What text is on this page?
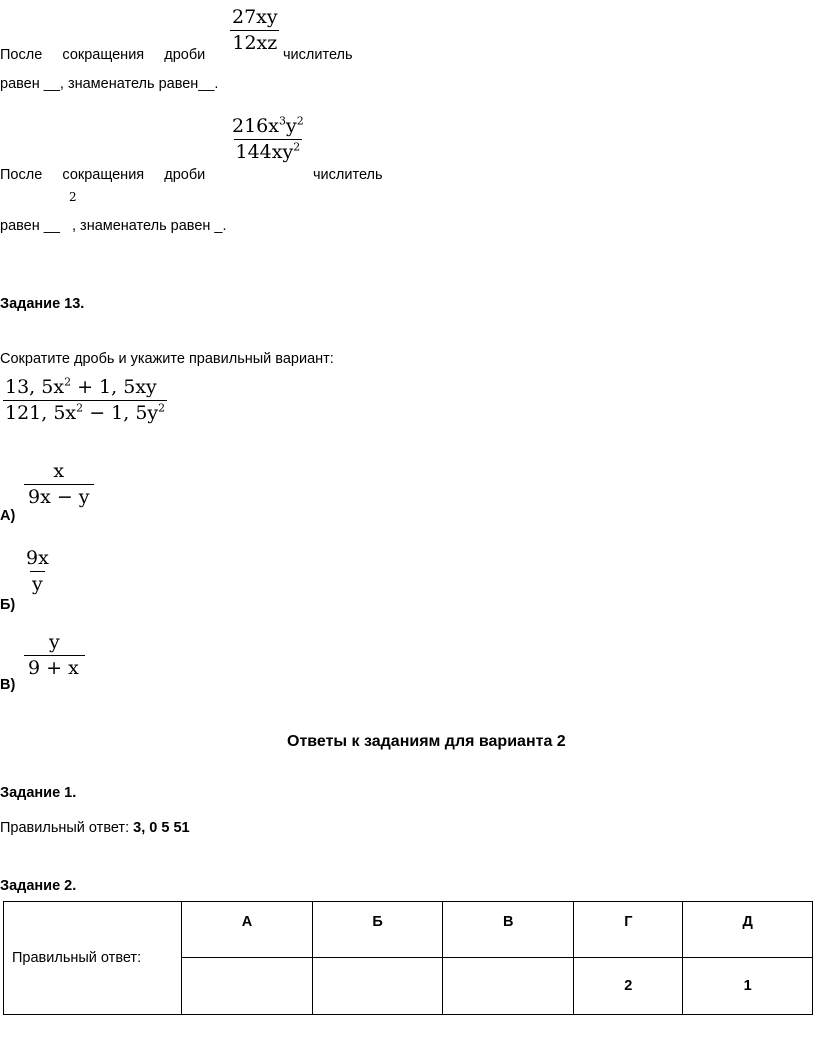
$\frac{27xy}{12xz}$
После     сокращения     дроби	числитель
равен __, знаменатель равен__.
$\frac{216x^3y^2}{144xy^2}$
После     сокращения     дроби	числитель
2
равен __   , знаменатель равен _.
Задание 13.
Сократите дробь и укажите правильный вариант:
$\frac{13, 5x^2 + 1, 5xy}{121, 5x^2 - 1, 5y^2}$
$\frac{x}{9x - y}$
А)
$\frac{9x}{y}$
Б)
$\frac{y}{9 + x}$
В)
Ответы к заданиям для варианта 2
Задание 1.
Правильный ответ: 3, 0 5 51
Задание 2.
Правильный ответ:	А	Б	В	Г	Д
				2	1
